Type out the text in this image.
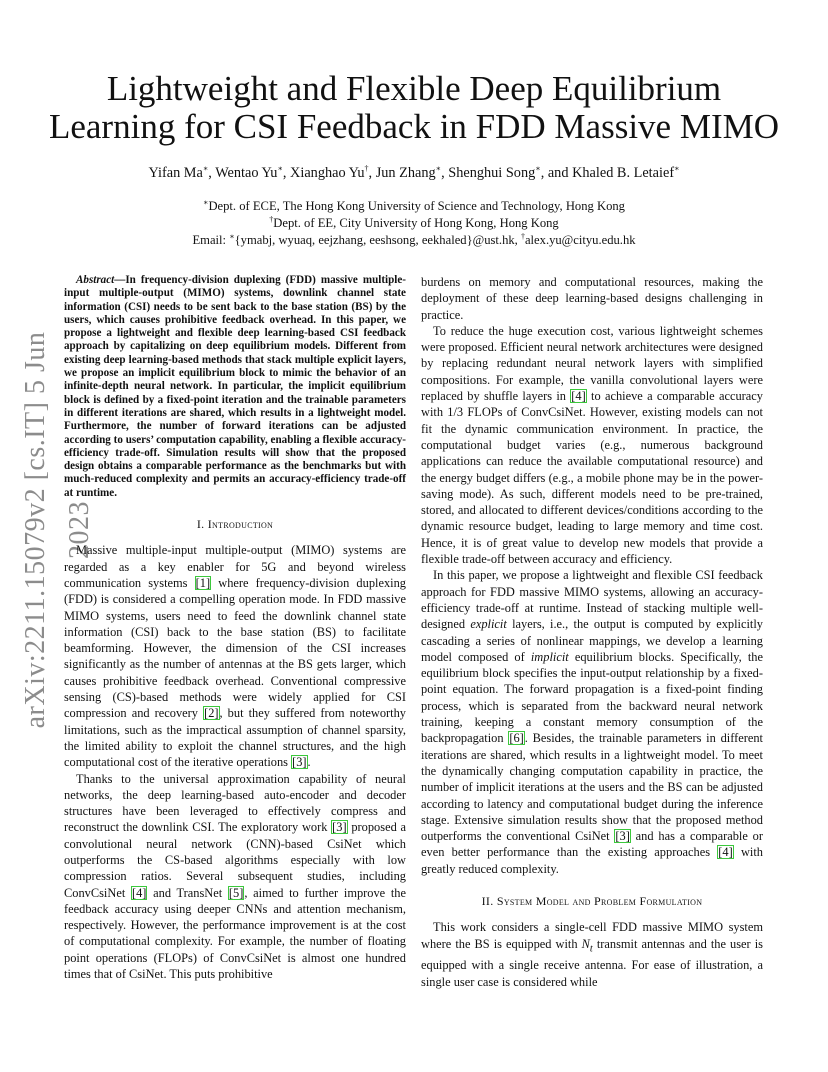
arXiv:2211.15079v2 [cs.IT] 5 Jun 2023
Lightweight and Flexible Deep Equilibrium
Learning for CSI Feedback in FDD Massive MIMO
Yifan Ma∗, Wentao Yu∗, Xianghao Yu†, Jun Zhang∗, Shenghui Song∗, and Khaled B. Letaief∗
∗Dept. of ECE, The Hong Kong University of Science and Technology, Hong Kong
†Dept. of EE, City University of Hong Kong, Hong Kong
Email: ∗{ymabj, wyuaq, eejzhang, eeshsong, eekhaled}@ust.hk, †alex.yu@cityu.edu.hk

Abstract—In frequency-division duplexing (FDD) massive multiple-input multiple-output (MIMO) systems, downlink channel state information (CSI) needs to be sent back to the base station (BS) by the users, which causes prohibitive feedback overhead. In this paper, we propose a lightweight and flexible deep learning-based CSI feedback approach by capitalizing on deep equilibrium models. Different from existing deep learning-based methods that stack multiple explicit layers, we propose an implicit equilibrium block to mimic the behavior of an infinite-depth neural network. In particular, the implicit equilibrium block is defined by a fixed-point iteration and the trainable parameters in different iterations are shared, which results in a lightweight model. Furthermore, the number of forward iterations can be adjusted according to users’ computation capability, enabling a flexible accuracy-efficiency trade-off. Simulation results will show that the proposed design obtains a comparable performance as the benchmarks but with much-reduced complexity and permits an accuracy-efficiency trade-off at runtime.

I. Introduction

Massive multiple-input multiple-output (MIMO) systems are regarded as a key enabler for 5G and beyond wireless communication systems [1] where frequency-division duplexing (FDD) is considered a compelling operation mode. In FDD massive MIMO systems, users need to feed the downlink channel state information (CSI) back to the base station (BS) to facilitate beamforming. However, the dimension of the CSI increases significantly as the number of antennas at the BS gets larger, which causes prohibitive feedback overhead. Conventional compressive sensing (CS)-based methods were widely applied for CSI compression and recovery [2], but they suffered from noteworthy limitations, such as the impractical assumption of channel sparsity, the limited ability to exploit the channel structures, and the high computational cost of the iterative operations [3].

Thanks to the universal approximation capability of neural networks, the deep learning-based auto-encoder and decoder structures have been leveraged to effectively compress and reconstruct the downlink CSI. The exploratory work [3] proposed a convolutional neural network (CNN)-based CsiNet which outperforms the CS-based algorithms especially with low compression ratios. Several subsequent studies, including ConvCsiNet [4] and TransNet [5], aimed to further improve the feedback accuracy using deeper CNNs and attention mechanism, respectively. However, the performance improvement is at the cost of computational complexity. For example, the number of floating point operations (FLOPs) of ConvCsiNet is almost one hundred times that of CsiNet. This puts prohibitive

burdens on memory and computational resources, making the deployment of these deep learning-based designs challenging in practice.

To reduce the huge execution cost, various lightweight schemes were proposed. Efficient neural network architectures were designed by replacing redundant neural network layers with simplified compositions. For example, the vanilla convolutional layers were replaced by shuffle layers in [4] to achieve a comparable accuracy with 1/3 FLOPs of ConvCsiNet. However, existing models can not fit the dynamic communication environment. In practice, the computational budget varies (e.g., numerous background applications can reduce the available computational resource) and the energy budget differs (e.g., a mobile phone may be in the power-saving mode). As such, different models need to be pre-trained, stored, and allocated to different devices/conditions according to the dynamic resource budget, leading to large memory and time cost. Hence, it is of great value to develop new models that provide a flexible trade-off between accuracy and efficiency.

In this paper, we propose a lightweight and flexible CSI feedback approach for FDD massive MIMO systems, allowing an accuracy-efficiency trade-off at runtime. Instead of stacking multiple well-designed explicit layers, i.e., the output is computed by explicitly cascading a series of nonlinear mappings, we develop a learning model composed of implicit equilibrium blocks. Specifically, the equilibrium block specifies the input-output relationship by a fixed-point equation. The forward propagation is a fixed-point finding process, which is separated from the backward neural network training, keeping a constant memory consumption of the backpropagation [6]. Besides, the trainable parameters in different iterations are shared, which results in a lightweight model. To meet the dynamically changing computation capability in practice, the number of implicit iterations at the users and the BS can be adjusted according to latency and computational budget during the inference stage. Extensive simulation results show that the proposed method outperforms the conventional CsiNet [3] and has a comparable or even better performance than the existing approaches [4] with greatly reduced complexity.

II. System Model and Problem Formulation

This work considers a single-cell FDD massive MIMO system where the BS is equipped with $N_t$ transmit antennas and the user is equipped with a single receive antenna. For ease of illustration, a single user case is considered while
